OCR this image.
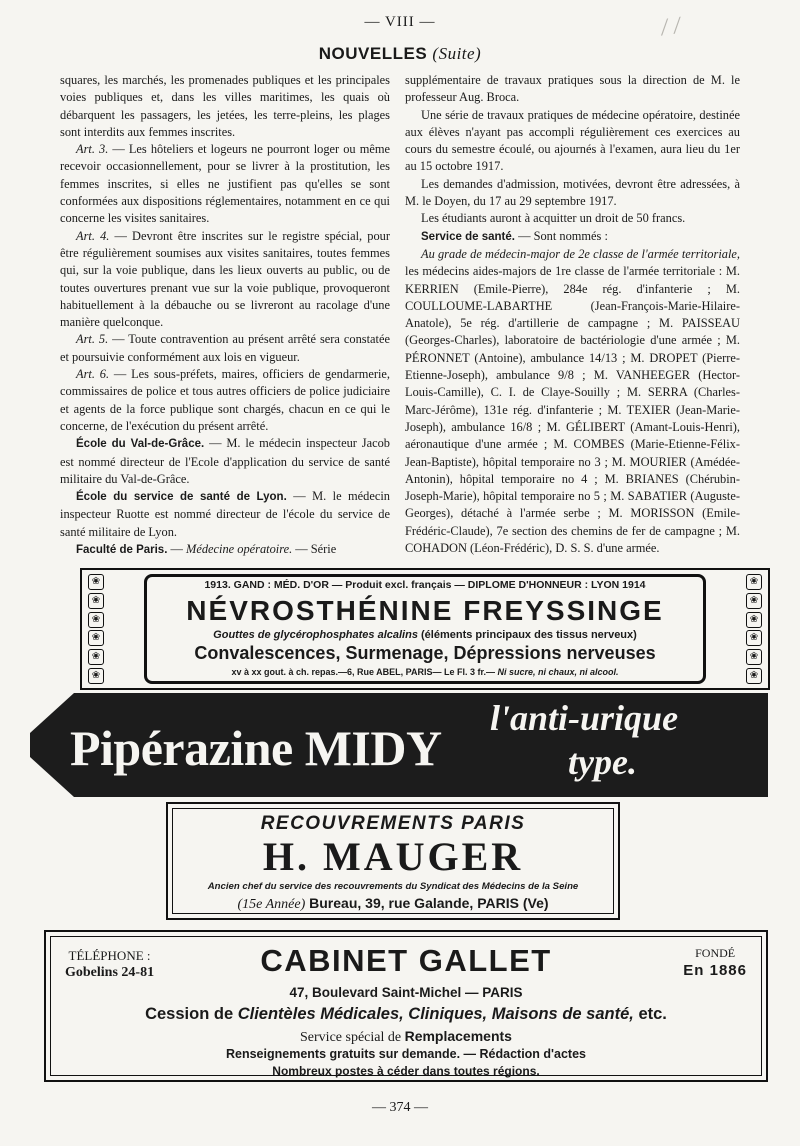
— VIII —	/ /
NOUVELLES (Suite)

squares, les marchés, les promenades publiques et les principales voies publiques et, dans les villes maritimes, les quais où débarquent les passagers, les jetées, les terre-pleins, les plages sont interdits aux femmes inscrites.

Art. 3. — Les hôteliers et logeurs ne pourront loger ou même recevoir occasionnellement, pour se livrer à la prostitution, les femmes inscrites, si elles ne justifient pas qu'elles se sont conformées aux dispositions réglementaires, notamment en ce qui concerne les visites sanitaires.

Art. 4. — Devront être inscrites sur le registre spécial, pour être régulièrement soumises aux visites sanitaires, toutes femmes qui, sur la voie publique, dans les lieux ouverts au public, ou de toutes ouvertures prenant vue sur la voie publique, provoqueront habituellement à la débauche ou se livreront au racolage d'une manière quelconque.

Art. 5. — Toute contravention au présent arrêté sera constatée et poursuivie conformément aux lois en vigueur.

Art. 6. — Les sous-préfets, maires, officiers de gendarmerie, commissaires de police et tous autres officiers de police judiciaire et agents de la force publique sont chargés, chacun en ce qui le concerne, de l'exécution du présent arrêté.

École du Val-de-Grâce. — M. le médecin inspecteur Jacob est nommé directeur de l'Ecole d'application du service de santé militaire du Val-de-Grâce.

École du service de santé de Lyon. — M. le médecin inspecteur Ruotte est nommé directeur de l'école du service de santé militaire de Lyon.

Faculté de Paris. — Médecine opératoire. — Série

supplémentaire de travaux pratiques sous la direction de M. le professeur Aug. Broca.

Une série de travaux pratiques de médecine opératoire, destinée aux élèves n'ayant pas accompli régulièrement ces exercices au cours du semestre écoulé, ou ajournés à l'examen, aura lieu du 1er au 15 octobre 1917.

Les demandes d'admission, motivées, devront être adressées, à M. le Doyen, du 17 au 29 septembre 1917.

Les étudiants auront à acquitter un droit de 50 francs.

Service de santé. — Sont nommés :

Au grade de médecin-major de 2e classe de l'armée territoriale, les médecins aides-majors de 1re classe de l'armée territoriale : M. KERRIEN (Emile-Pierre), 284e rég. d'infanterie ; M. COULLOUME-LABARTHE (Jean-François-Marie-Hilaire-Anatole), 5e rég. d'artillerie de campagne ; M. PAISSEAU (Georges-Charles), laboratoire de bactériologie d'une armée ; M. PÉRONNET (Antoine), ambulance 14/13 ; M. DROPET (Pierre-Etienne-Joseph), ambulance 9/8 ; M. VANHEEGER (Hector-Louis-Camille), C. I. de Claye-Souilly ; M. SERRA (Charles-Marc-Jérôme), 131e rég. d'infanterie ; M. TEXIER (Jean-Marie-Joseph), ambulance 16/8 ; M. GÉLIBERT (Amant-Louis-Henri), aéronautique d'une armée ; M. COMBES (Marie-Etienne-Félix-Jean-Baptiste), hôpital temporaire no 3 ; M. MOURIER (Amédée-Antonin), hôpital temporaire no 4 ; M. BRIANES (Chérubin-Joseph-Marie), hôpital temporaire no 5 ; M. SABATIER (Auguste-Georges), détaché à l'armée serbe ; M. MORISSON (Emile-Frédéric-Claude), 7e section des chemins de fer de campagne ; M. COHADON (Léon-Frédéric), D. S. S. d'une armée.

❀
❀
❀
❀
❀
❀
❀
❀
❀
❀
❀
❀
1913. GAND : MÉD. D'OR — Produit excl. français — DIPLOME D'HONNEUR : LYON 1914
NÉVROSTHÉNINE FREYSSINGE
Gouttes de glycérophosphates alcalins (éléments principaux des tissus nerveux)
Convalescences, Surmenage, Dépressions nerveuses
xv à xx gout. à ch. repas.—6, Rue ABEL, PARIS— Le Fl. 3 fr.— Ni sucre, ni chaux, ni alcool.
Pipérazine MIDY
l'anti-urique
type.
RECOUVREMENTS PARIS
H. MAUGER
Ancien chef du service des recouvrements du Syndicat des Médecins de la Seine
(15e Année) Bureau, 39, rue Galande, PARIS (Ve)
CABINET GALLET
TÉLÉPHONE :
Gobelins 24-81
FONDÉ
En 1886
47, Boulevard Saint-Michel — PARIS
Cession de Clientèles Médicales, Cliniques, Maisons de santé, etc.
Service spécial de Remplacements
Renseignements gratuits sur demande. — Rédaction d'actes
Nombreux postes à céder dans toutes régions.
— 374 —
